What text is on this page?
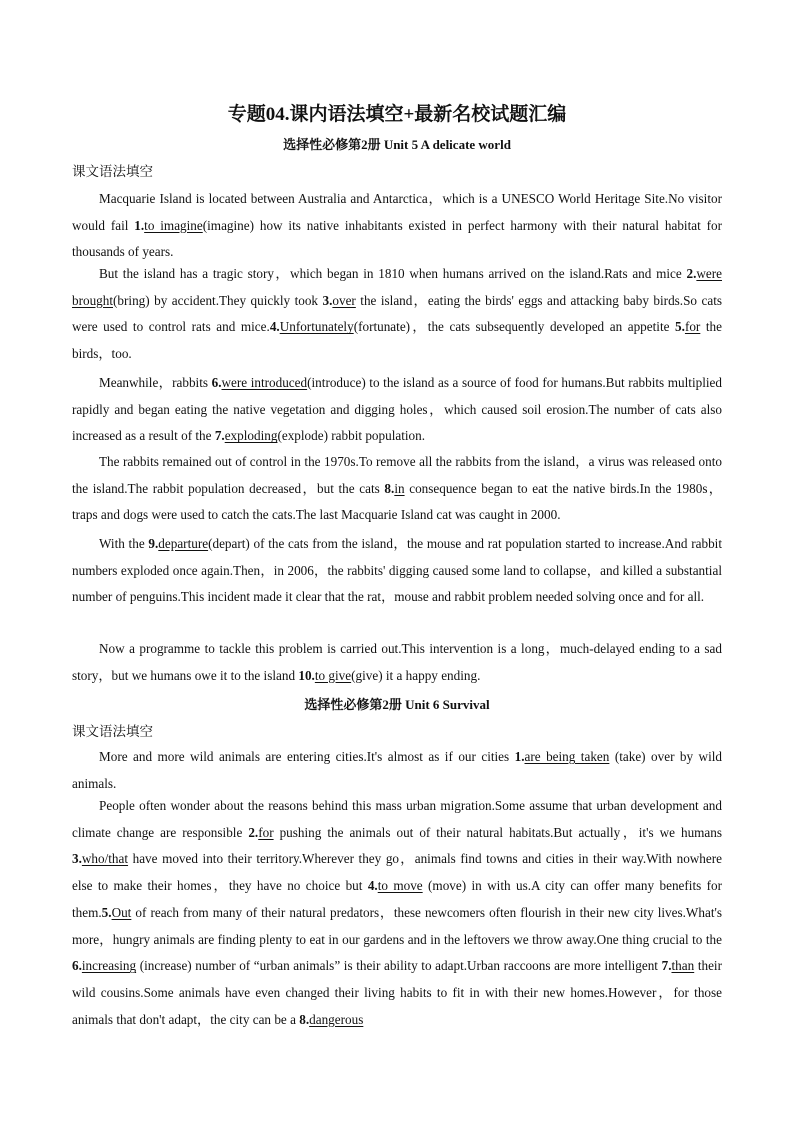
专题04.课内语法填空+最新名校试题汇编
选择性必修第2册 Unit 5 A delicate world
课文语法填空
Macquarie Island is located between Australia and Antarctica，which is a UNESCO World Heritage Site.No visitor would fail 1.to imagine(imagine) how its native inhabitants existed in perfect harmony with their natural habitat for thousands of years.
But the island has a tragic story，which began in 1810 when humans arrived on the island.Rats and mice 2.were brought(bring) by accident.They quickly took 3.over the island，eating the birds' eggs and attacking baby birds.So cats were used to control rats and mice.4.Unfortunately(fortunate)，the cats subsequently developed an appetite 5.for the birds，too.
Meanwhile，rabbits 6.were introduced(introduce) to the island as a source of food for humans.But rabbits multiplied rapidly and began eating the native vegetation and digging holes，which caused soil erosion.The number of cats also increased as a result of the 7.exploding(explode) rabbit population.
The rabbits remained out of control in the 1970s.To remove all the rabbits from the island，a virus was released onto the island.The rabbit population decreased，but the cats 8.in consequence began to eat the native birds.In the 1980s，traps and dogs were used to catch the cats.The last Macquarie Island cat was caught in 2000.
With the 9.departure(depart) of the cats from the island，the mouse and rat population started to increase.And rabbit numbers exploded once again.Then，in 2006，the rabbits' digging caused some land to collapse，and killed a substantial number of penguins.This incident made it clear that the rat，mouse and rabbit problem needed solving once and for all.
Now a programme to tackle this problem is carried out.This intervention is a long，much-delayed ending to a sad story，but we humans owe it to the island 10.to give(give) it a happy ending.
选择性必修第2册 Unit 6 Survival
课文语法填空
More and more wild animals are entering cities.It's almost as if our cities 1.are being taken (take) over by wild animals.
People often wonder about the reasons behind this mass urban migration.Some assume that urban development and climate change are responsible 2.for pushing the animals out of their natural habitats.But actually，it's we humans 3.who/that have moved into their territory.Wherever they go，animals find towns and cities in their way.With nowhere else to make their homes，they have no choice but 4.to move (move) in with us.A city can offer many benefits for them.5.Out of reach from many of their natural predators，these newcomers often flourish in their new city lives.What's more，hungry animals are finding plenty to eat in our gardens and in the leftovers we throw away.One thing crucial to the 6.increasing (increase) number of “urban animals” is their ability to adapt.Urban raccoons are more intelligent 7.than their wild cousins.Some animals have even changed their living habits to fit in with their new homes.However，for those animals that don't adapt，the city can be a 8.dangerous
